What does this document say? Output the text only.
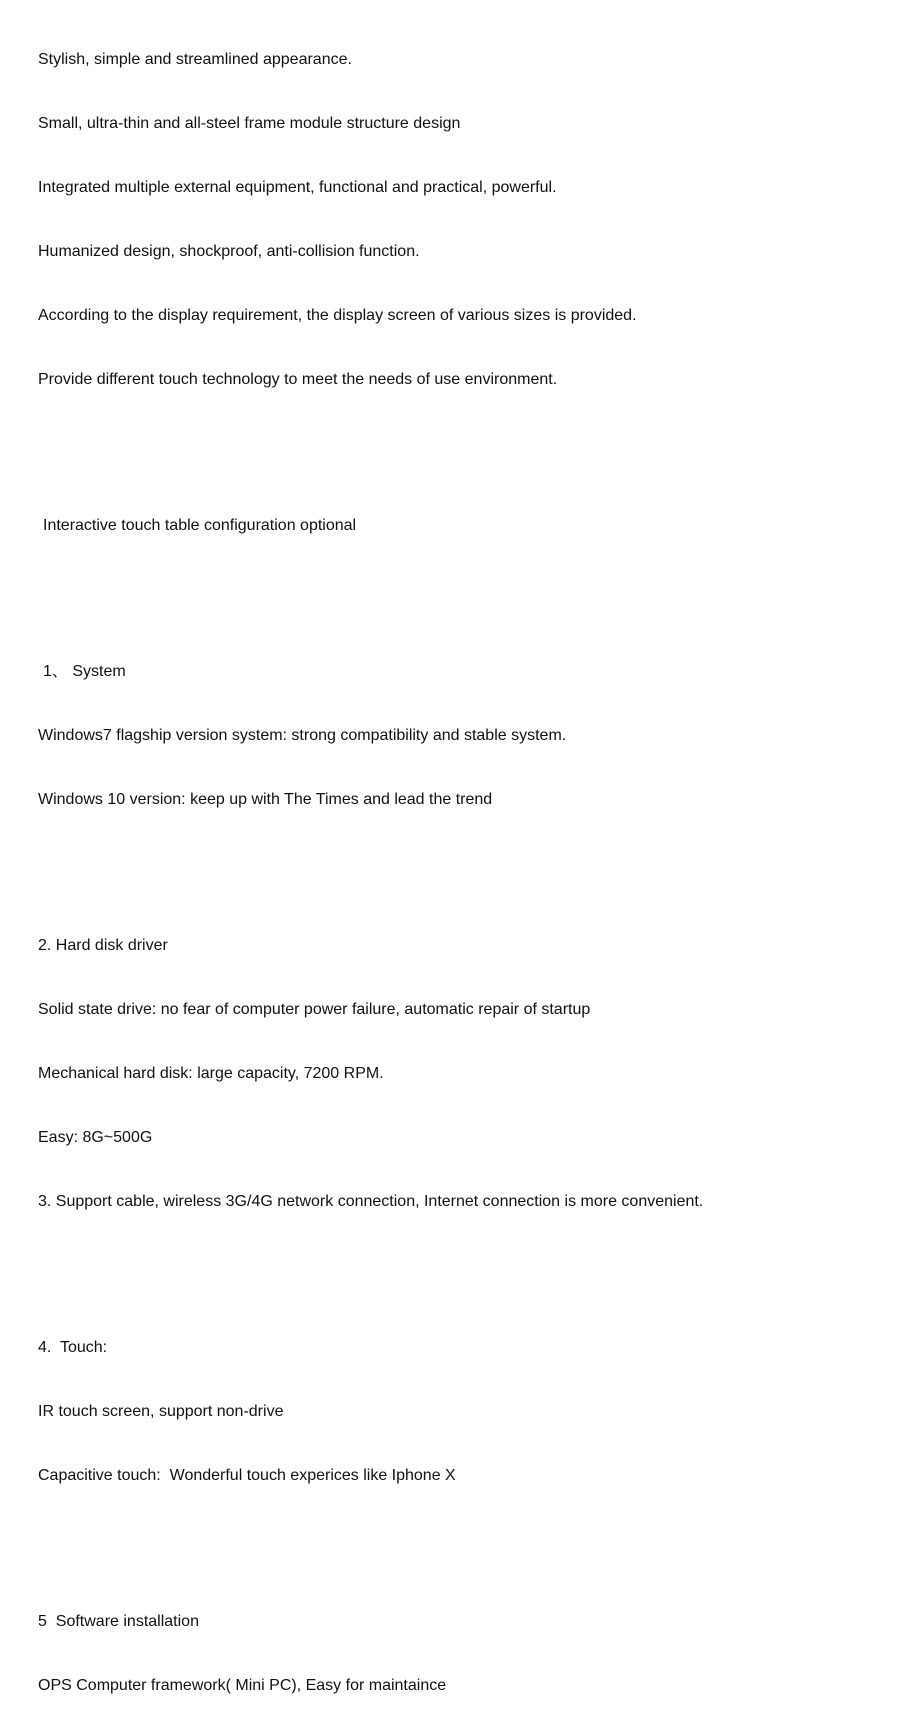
Stylish, simple and streamlined appearance.

Small, ultra-thin and all-steel frame module structure design

Integrated multiple external equipment, functional and practical, powerful.

Humanized design, shockproof, anti-collision function.

According to the display requirement, the display screen of various sizes is provided.

Provide different touch technology to meet the needs of use environment.

Interactive touch table configuration optional

1、 System

Windows7 flagship version system: strong compatibility and stable system.

Windows 10 version: keep up with The Times and lead the trend

2. Hard disk driver

Solid state drive: no fear of computer power failure, automatic repair of startup

Mechanical hard disk: large capacity, 7200 RPM.

Easy: 8G~500G

3. Support cable, wireless 3G/4G network connection, Internet connection is more convenient.

4.  Touch:

IR touch screen, support non-drive

Capacitive touch:  Wonderful touch experices like Iphone X

5  Software installation

OPS Computer framework( Mini PC), Easy for maintaince
